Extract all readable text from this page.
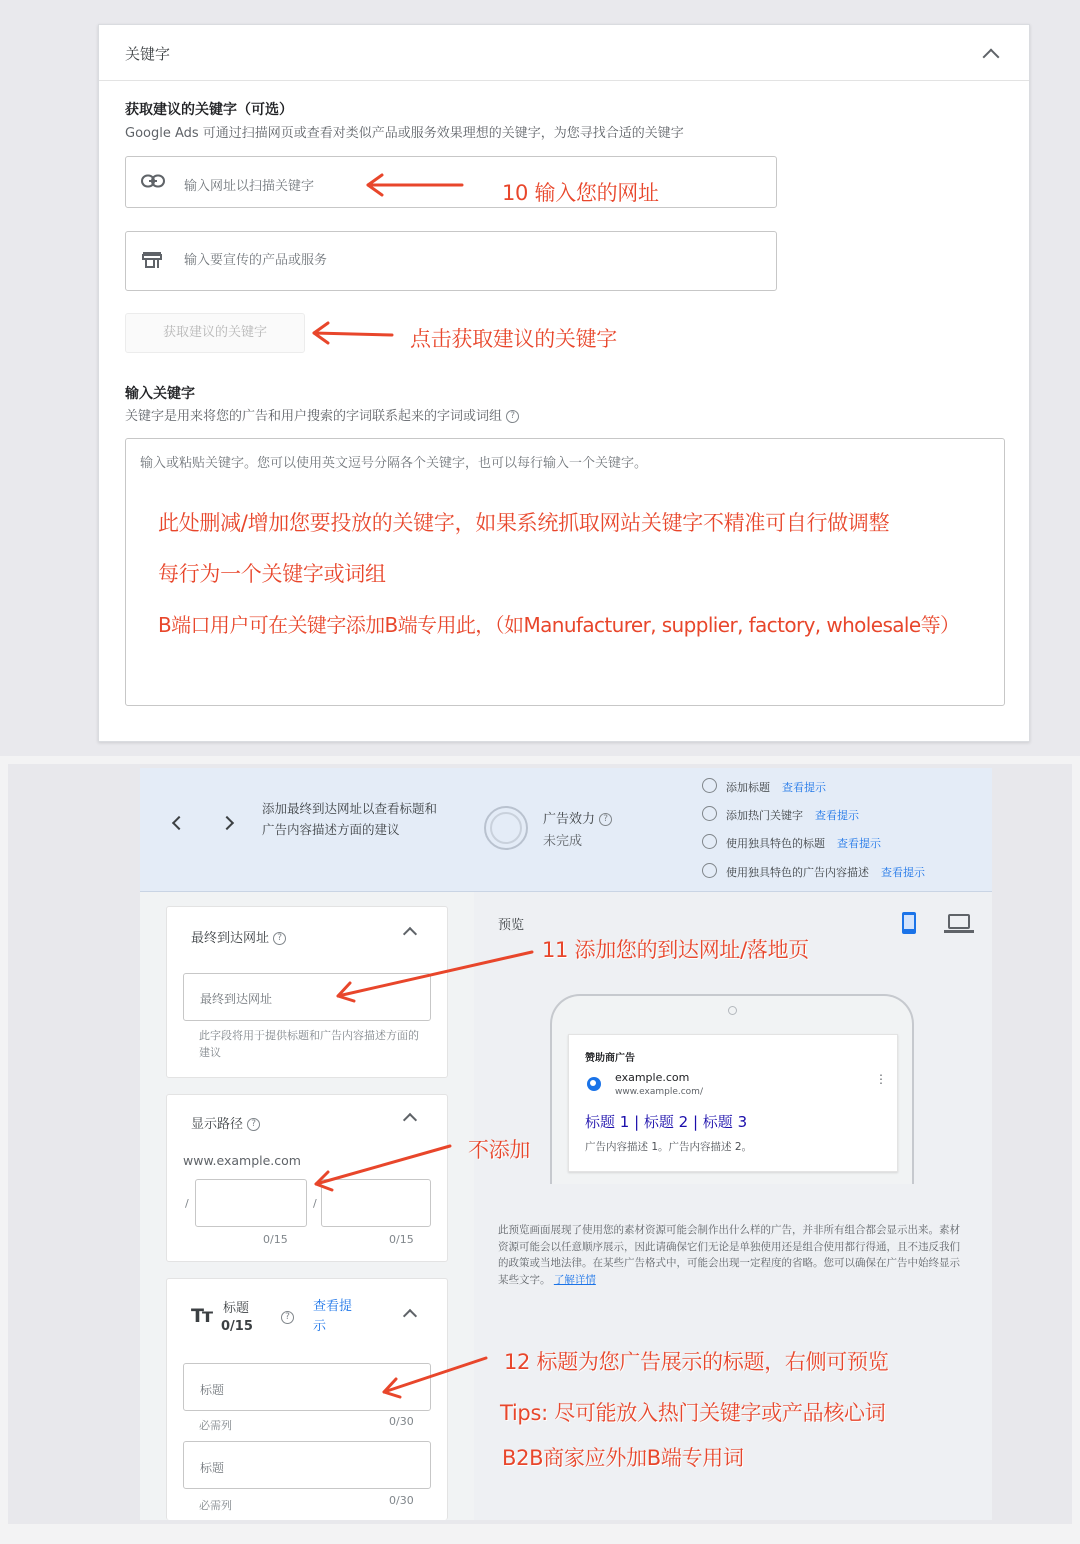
关键字
获取建议的关键字（可选）
Google Ads 可通过扫描网页或查看对类似产品或服务效果理想的关键字，为您寻找合适的关键字
输入网址以扫描关键字
输入要宣传的产品或服务
获取建议的关键字
输入关键字
关键字是用来将您的广告和用户搜索的字词联系起来的字词或词组 ?
输入或粘贴关键字。您可以使用英文逗号分隔各个关键字，也可以每行输入一个关键字。
10 输入您的网址
点击获取建议的关键字
此处删减/增加您要投放的关键字，如果系统抓取网站关键字不精准可自行做调整
每行为一个关键字或词组
B端口用户可在关键字添加B端专用此，（如Manufacturer, supplier, factory, wholesale等）
添加最终到达网址以查看标题和广告内容描述方面的建议
广告效力 ?
未完成
添加标题 查看提示
添加热门关键字 查看提示
使用独具特色的标题 查看提示
使用独具特色的广告内容描述 查看提示
最终到达网址 ?
最终到达网址
此字段将用于提供标题和广告内容描述方面的建议
显示路径 ?
www.example.com
/	/
0/15	0/15
Tт 标题
0/15
?
查看提示
标题
必需列	0/30
标题
必需列	0/30
预览
赞助商广告
example.com
www.example.com/
⋮
标题 1 | 标题 2 | 标题 3
广告内容描述 1。广告内容描述 2。
此预览画面展现了使用您的素材资源可能会制作出什么样的广告，并非所有组合都会显示出来。素材资源可能会以任意顺序展示，因此请确保它们无论是单独使用还是组合使用都行得通，且不违反我们的政策或当地法律。在某些广告格式中，可能会出现一定程度的省略。您可以确保在广告中始终显示某些文字。 了解详情
11 添加您的到达网址/落地页
不添加
12 标题为您广告展示的标题，右侧可预览
Tips: 尽可能放入热门关键字或产品核心词
B2B商家应外加B端专用词
